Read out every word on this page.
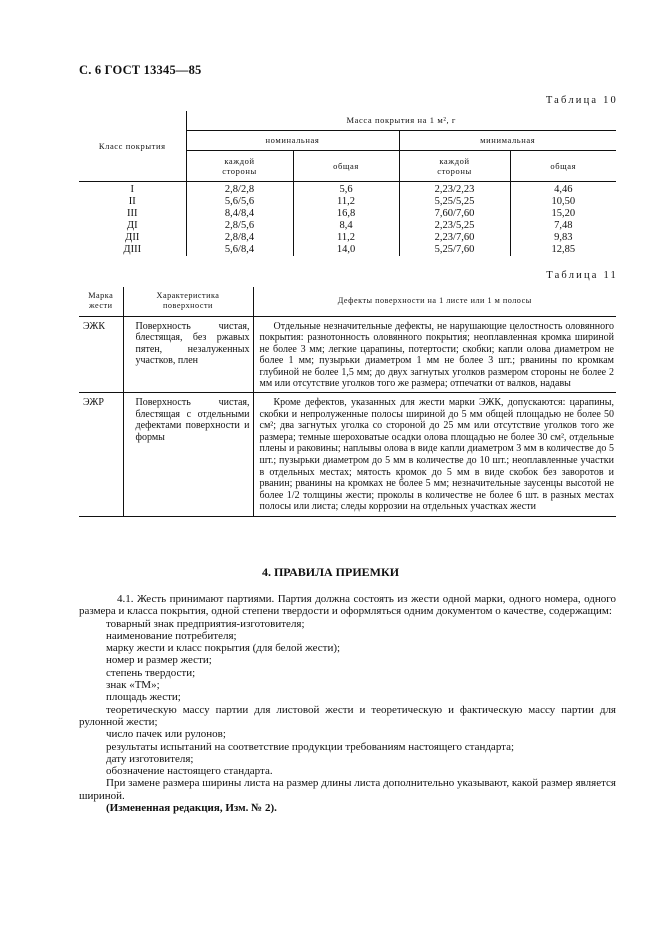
С. 6 ГОСТ 13345—85
Таблица 10
Класс покрытия	Масса покрытия на 1 м², г			
	номинальная		минимальная	
	каждой стороны	общая	каждой стороны	общая
I	2,8/2,8	5,6	2,23/2,23	4,46
II	5,6/5,6	11,2	5,25/5,25	10,50
III	8,4/8,4	16,8	7,60/7,60	15,20
ДI	2,8/5,6	8,4	2,23/5,25	7,48
ДII	2,8/8,4	11,2	2,23/7,60	9,83
ДIII	5,6/8,4	14,0	5,25/7,60	12,85
Таблица 11
Марка жести	Характеристика поверхности	Дефекты поверхности на 1 листе или 1 м полосы
ЭЖК	Поверхность чистая, блестящая, без ржавых пятен, незалуженных участков, плен	Отдельные незначительные дефекты, не нарушающие целостность оловянного покрытия: разнотонность оловянного покрытия; неоплавленная кромка шириной не более 3 мм; легкие царапины, потертости; скобки; капли олова диаметром не более 1 мм; пузырьки диаметром 1 мм не более 3 шт.; рванины по кромкам глубиной не более 1,5 мм; до двух загнутых уголков размером стороны не более 2 мм или отсутствие уголков того же размера; отпечатки от валков, надавы
ЭЖР	Поверхность чистая, блестящая с отдельными дефектами поверхности и формы	Кроме дефектов, указанных для жести марки ЭЖК, допускаются: царапины, скобки и непролуженные полосы шириной до 5 мм общей площадью не более 50 см²; два загнутых уголка со стороной до 25 мм или отсутствие уголков того же размера; темные шероховатые осадки олова площадью не более 30 см², отдельные плены и раковины; наплывы олова в виде капли диаметром 3 мм в количестве до 5 шт.; пузырьки диаметром до 5 мм в количестве до 10 шт.; неоплавленные участки в отдельных местах; мятость кромок до 5 мм в виде скобок без заворотов и рванин; рванины на кромках не более 5 мм; незначительные заусенцы высотой не более 1/2 толщины жести; проколы в количестве не более 6 шт. в разных местах полосы или листа; следы коррозии на отдельных участках жести
4. ПРАВИЛА ПРИЕМКИ

4.1. Жесть принимают партиями. Партия должна состоять из жести одной марки, одного номера, одного размера и класса покрытия, одной степени твердости и оформляться одним документом о качестве, содержащим:

товарный знак предприятия-изготовителя;

наименование потребителя;

марку жести и класс покрытия (для белой жести);

номер и размер жести;

степень твердости;

знак «ТМ»;

площадь жести;

теоретическую массу партии для листовой жести и теоретическую и фактическую массу партии для рулонной жести;

число пачек или рулонов;

результаты испытаний на соответствие продукции требованиям настоящего стандарта;

дату изготовителя;

обозначение настоящего стандарта.

При замене размера ширины листа на размер длины листа дополнительно указывают, какой размер является шириной.

(Измененная редакция, Изм. № 2).
